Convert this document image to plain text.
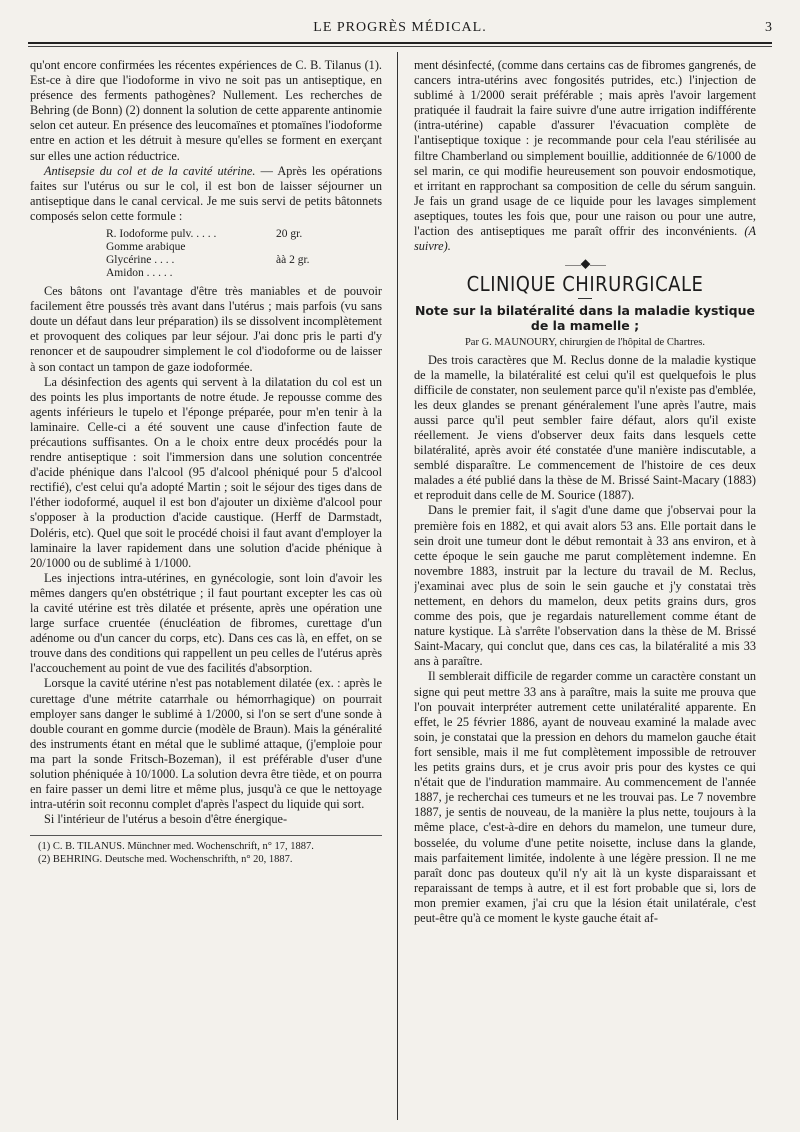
LE PROGRÈS MÉDICAL.	3

qu'ont encore confirmées les récentes expériences de C. B. Tilanus (1). Est-ce à dire que l'iodoforme in vivo ne soit pas un antiseptique, en présence des ferments pathogènes? Nullement. Les recherches de Behring (de Bonn) (2) donnent la solution de cette apparente antinomie selon cet auteur. En présence des leucomaïnes et ptomaïnes l'iodoforme entre en action et les détruit à mesure qu'elles se forment en exerçant sur elles une action réductrice.

Antisepsie du col et de la cavité utérine. — Après les opérations faites sur l'utérus ou sur le col, il est bon de laisser séjourner un antiseptique dans le canal cervical. Je me suis servi de petits bâtonnets composés selon cette formule :

R. Iodoforme pulv. . . . .	20 gr.
Gomme arabique
Glycérine . . . .	àà 2 gr.
Amidon . . . . .

Ces bâtons ont l'avantage d'être très maniables et de pouvoir facilement être poussés très avant dans l'utérus ; mais parfois (vu sans doute un défaut dans leur préparation) ils se dissolvent incomplètement et provoquent des coliques par leur séjour. J'ai donc pris le parti d'y renoncer et de saupoudrer simplement le col d'iodoforme ou de laisser à son contact un tampon de gaze iodoformée.

La désinfection des agents qui servent à la dilatation du col est un des points les plus importants de notre étude. Je repousse comme des agents inférieurs le tupelo et l'éponge préparée, pour m'en tenir à la laminaire. Celle-ci a été souvent une cause d'infection faute de précautions suffisantes. On a le choix entre deux procédés pour la rendre antiseptique : soit l'immersion dans une solution concentrée d'acide phénique dans l'alcool (95 d'alcool phéniqué pour 5 d'alcool rectifié), c'est celui qu'a adopté Martin ; soit le séjour des tiges dans de l'éther iodoformé, auquel il est bon d'ajouter un dixième d'alcool pour s'opposer à la production d'acide caustique. (Herff de Darmstadt, Doléris, etc). Quel que soit le procédé choisi il faut avant d'employer la laminaire la laver rapidement dans une solution d'acide phénique à 20/1000 ou de sublimé à 1/1000.

Les injections intra-utérines, en gynécologie, sont loin d'avoir les mêmes dangers qu'en obstétrique ; il faut pourtant excepter les cas où la cavité utérine est très dilatée et présente, après une opération une large surface cruentée (énucléation de fibromes, curettage d'un adénome ou d'un cancer du corps, etc). Dans ces cas là, en effet, on se trouve dans des conditions qui rappellent un peu celles de l'utérus après l'accouchement au point de vue des facilités d'absorption.

Lorsque la cavité utérine n'est pas notablement dilatée (ex. : après le curettage d'une métrite catarrhale ou hémorrhagique) on pourrait employer sans danger le sublimé à 1/2000, si l'on se sert d'une sonde à double courant en gomme durcie (modèle de Braun). Mais la généralité des instruments étant en métal que le sublimé attaque, (j'emploie pour ma part la sonde Fritsch-Bozeman), il est préférable d'user d'une solution phéniquée à 10/1000. La solution devra être tiède, et on pourra en faire passer un demi litre et même plus, jusqu'à ce que le nettoyage intra-utérin soit reconnu complet d'après l'aspect du liquide qui sort.

Si l'intérieur de l'utérus a besoin d'être énergique-

(1) C. B. TILANUS. Münchner med. Wochenschrift, n° 17, 1887.
(2) BEHRING. Deutsche med. Wochenschrifth, n° 20, 1887.

ment désinfecté, (comme dans certains cas de fibromes gangrenés, de cancers intra-utérins avec fongosités putrides, etc.) l'injection de sublimé à 1/2000 serait préférable ; mais après l'avoir largement pratiquée il faudrait la faire suivre d'une autre irrigation indifférente (intra-utérine) capable d'assurer l'évacuation complète de l'antiseptique toxique : je recommande pour cela l'eau stérilisée au filtre Chamberland ou simplement bouillie, additionnée de 6/1000 de sel marin, ce qui modifie heureusement son pouvoir endosmotique, et irritant en rapprochant sa composition de celle du sérum sanguin. Je fais un grand usage de ce liquide pour les lavages simplement aseptiques, toutes les fois que, pour une raison ou pour une autre, l'action des antiseptiques me paraît offrir des inconvénients. (A suivre).

⸺◆⸺
CLINIQUE CHIRURGICALE
Note sur la bilatéralité dans la maladie kystique de la mamelle ;
Par G. MAUNOURY, chirurgien de l'hôpital de Chartres.

Des trois caractères que M. Reclus donne de la maladie kystique de la mamelle, la bilatéralité est celui qu'il est quelquefois le plus difficile de constater, non seulement parce qu'il n'existe pas d'emblée, les deux glandes se prenant généralement l'une après l'autre, mais aussi parce qu'il peut sembler faire défaut, alors qu'il existe réellement. Je viens d'observer deux faits dans lesquels cette bilatéralité, après avoir été constatée d'une manière indiscutable, a semblé disparaître. Le commencement de l'histoire de ces deux malades a été publié dans la thèse de M. Brissé Saint-Macary (1883) et reproduit dans celle de M. Sourice (1887).

Dans le premier fait, il s'agit d'une dame que j'observai pour la première fois en 1882, et qui avait alors 53 ans. Elle portait dans le sein droit une tumeur dont le début remontait à 33 ans environ, et à cette époque le sein gauche me parut complètement indemne. En novembre 1883, instruit par la lecture du travail de M. Reclus, j'examinai avec plus de soin le sein gauche et j'y constatai très nettement, en dehors du mamelon, deux petits grains durs, gros comme des pois, que je regardais naturellement comme étant de nature kystique. Là s'arrête l'observation dans la thèse de M. Brissé Saint-Macary, qui conclut que, dans ces cas, la bilatéralité a mis 33 ans à paraître.

Il semblerait difficile de regarder comme un caractère constant un signe qui peut mettre 33 ans à paraître, mais la suite me prouva que l'on pouvait interpréter autrement cette unilatéralité apparente. En effet, le 25 février 1886, ayant de nouveau examiné la malade avec soin, je constatai que la pression en dehors du mamelon gauche était fort sensible, mais il me fut complètement impossible de retrouver les petits grains durs, et je crus avoir pris pour des kystes ce qui n'était que de l'induration mammaire. Au commencement de l'année 1887, je recherchai ces tumeurs et ne les trouvai pas. Le 7 novembre 1887, je sentis de nouveau, de la manière la plus nette, toujours à la même place, c'est-à-dire en dehors du mamelon, une tumeur dure, bosselée, du volume d'une petite noisette, incluse dans la glande, mais parfaitement limitée, indolente à une légère pression. Il ne me paraît donc pas douteux qu'il n'y ait là un kyste disparaissant et reparaissant de temps à autre, et il est fort probable que si, lors de mon premier examen, j'ai cru que la lésion était unilatérale, c'est peut-être qu'à ce moment le kyste gauche était af-
